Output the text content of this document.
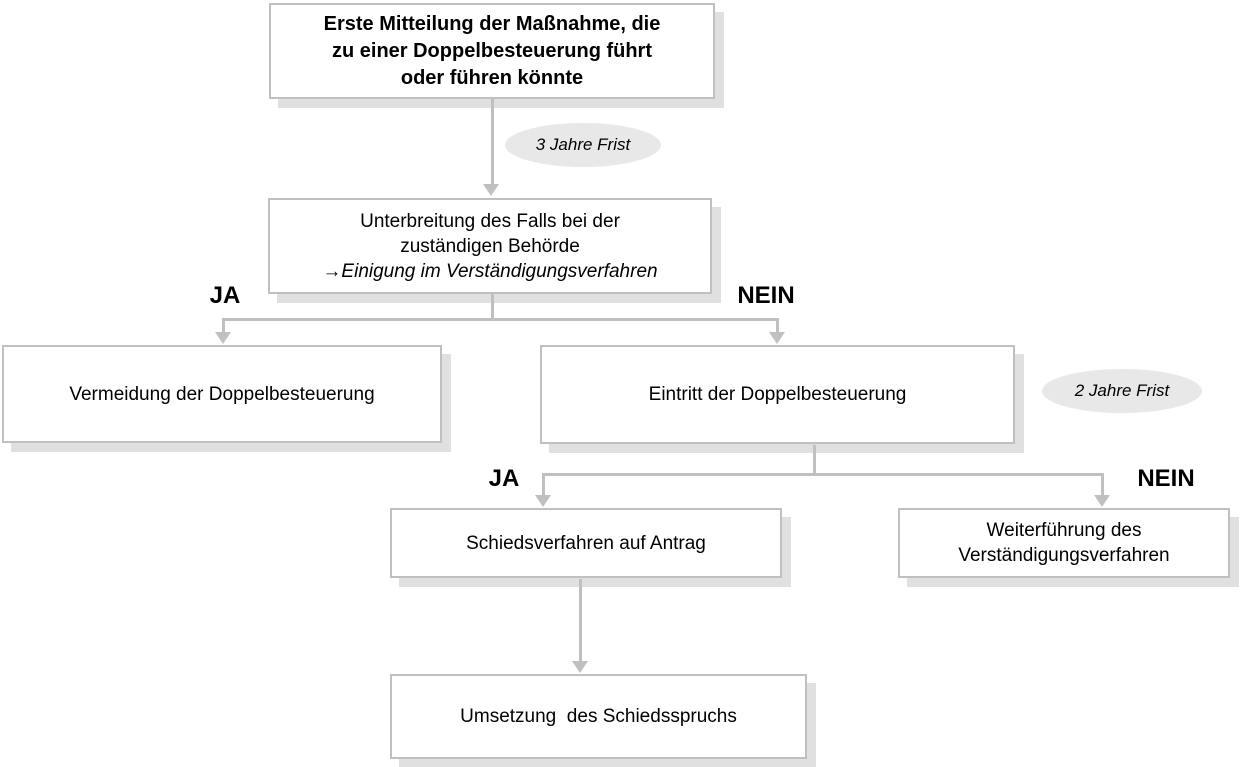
Erste Mitteilung der Maßnahme, die
zu einer Doppelbesteuerung führt
oder führen könnte
3 Jahre Frist
Unterbreitung des Falls bei der
zuständigen Behörde
→Einigung im Verständigungsverfahren
JA	NEIN
Vermeidung der Doppelbesteuerung	Eintritt der Doppelbesteuerung	2 Jahre Frist
JA	NEIN
Schiedsverfahren auf Antrag
Weiterführung des
Verständigungsverfahren
Umsetzung  des Schiedsspruchs
